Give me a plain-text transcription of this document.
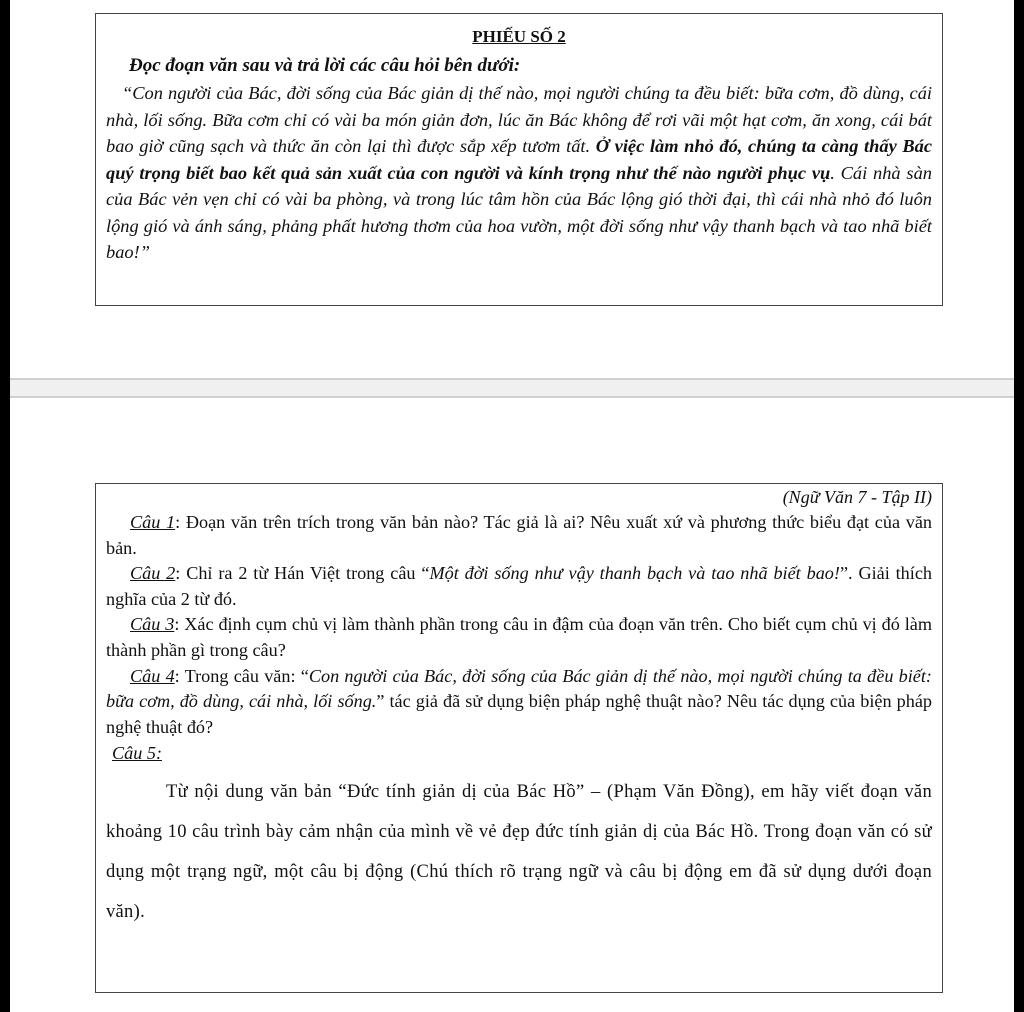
PHIẾU SỐ 2

Đọc đoạn văn sau và trả lời các câu hỏi bên dưới:

“Con người của Bác, đời sống của Bác giản dị thế nào, mọi người chúng ta đều biết: bữa cơm, đồ dùng, cái nhà, lối sống. Bữa cơm chỉ có vài ba món giản đơn, lúc ăn Bác không để rơi vãi một hạt cơm, ăn xong, cái bát bao giờ cũng sạch và thức ăn còn lại thì được sắp xếp tươm tất. Ở việc làm nhỏ đó, chúng ta càng thấy Bác quý trọng biết bao kết quả sản xuất của con người và kính trọng như thế nào người phục vụ. Cái nhà sàn của Bác vẻn vẹn chỉ có vài ba phòng, và trong lúc tâm hồn của Bác lộng gió thời đại, thì cái nhà nhỏ đó luôn lộng gió và ánh sáng, phảng phất hương thơm của hoa vườn, một đời sống như vậy thanh bạch và tao nhã biết bao!”

(Ngữ Văn 7 - Tập II)

Câu 1: Đoạn văn trên trích trong văn bản nào? Tác giả là ai? Nêu xuất xứ và phương thức biểu đạt của văn bản.

Câu 2: Chỉ ra 2 từ Hán Việt trong câu “Một đời sống như vậy thanh bạch và tao nhã biết bao!”. Giải thích nghĩa của 2 từ đó.

Câu 3: Xác định cụm chủ vị làm thành phần trong câu in đậm của đoạn văn trên. Cho biết cụm chủ vị đó làm thành phần gì trong câu?

Câu 4: Trong câu văn: “Con người của Bác, đời sống của Bác giản dị thế nào, mọi người chúng ta đều biết: bữa cơm, đồ dùng, cái nhà, lối sống.” tác giả đã sử dụng biện pháp nghệ thuật nào? Nêu tác dụng của biện pháp nghệ thuật đó?

Câu 5:

Từ nội dung văn bản “Đức tính giản dị của Bác Hồ” – (Phạm Văn Đồng), em hãy viết đoạn văn khoảng 10 câu trình bày cảm nhận của mình về vẻ đẹp đức tính giản dị của Bác Hồ. Trong đoạn văn có sử dụng một trạng ngữ, một câu bị động (Chú thích rõ trạng ngữ và câu bị động em đã sử dụng dưới đoạn văn).
